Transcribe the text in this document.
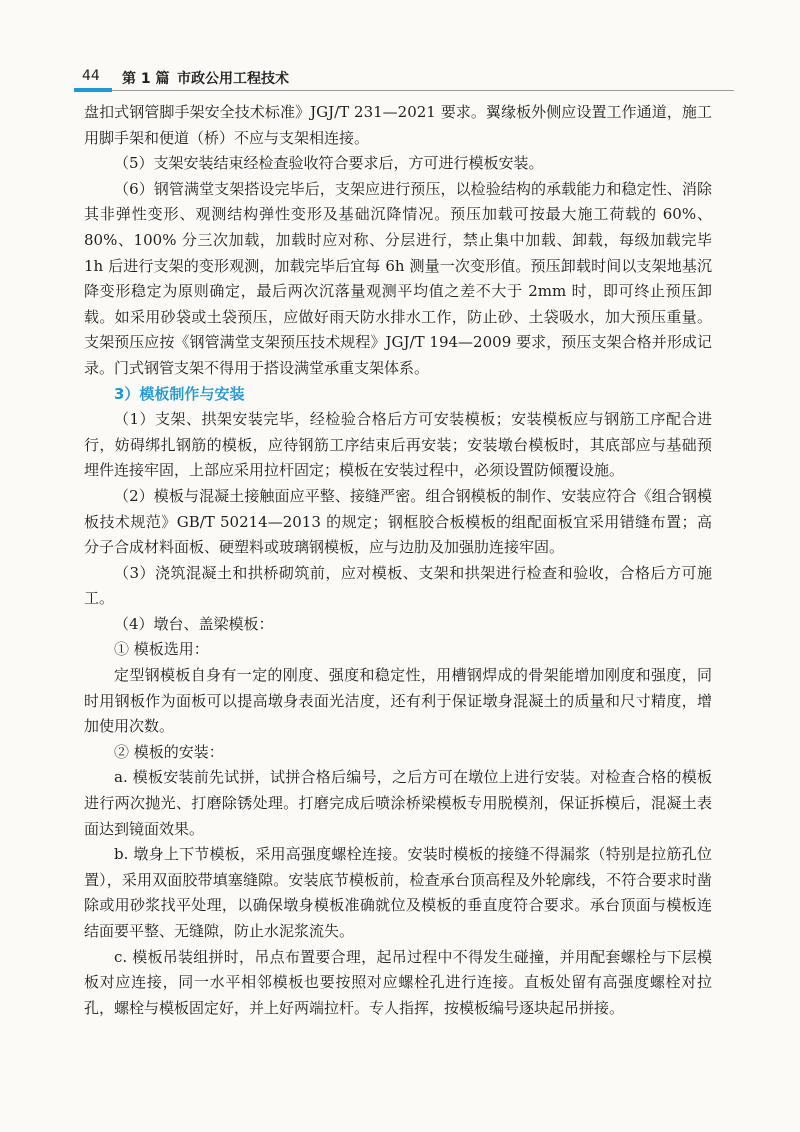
44 第 1 篇 市政公用工程技术

盘扣式钢管脚手架安全技术标准》JGJ/T 231—2021 要求。翼缘板外侧应设置工作通道，施工用脚手架和便道（桥）不应与支架相连接。

（5）支架安装结束经检查验收符合要求后，方可进行模板安装。

（6）钢管满堂支架搭设完毕后，支架应进行预压，以检验结构的承载能力和稳定性、消除其非弹性变形、观测结构弹性变形及基础沉降情况。预压加载可按最大施工荷载的 60%、80%、100% 分三次加载，加载时应对称、分层进行，禁止集中加载、卸载，每级加载完毕 1h 后进行支架的变形观测，加载完毕后宜每 6h 测量一次变形值。预压卸载时间以支架地基沉降变形稳定为原则确定，最后两次沉落量观测平均值之差不大于 2mm 时，即可终止预压卸载。如采用砂袋或土袋预压，应做好雨天防水排水工作，防止砂、土袋吸水，加大预压重量。支架预压应按《钢管满堂支架预压技术规程》JGJ/T 194—2009 要求，预压支架合格并形成记录。门式钢管支架不得用于搭设满堂承重支架体系。

3）模板制作与安装

（1）支架、拱架安装完毕，经检验合格后方可安装模板；安装模板应与钢筋工序配合进行，妨碍绑扎钢筋的模板，应待钢筋工序结束后再安装；安装墩台模板时，其底部应与基础预埋件连接牢固，上部应采用拉杆固定；模板在安装过程中，必须设置防倾覆设施。

（2）模板与混凝土接触面应平整、接缝严密。组合钢模板的制作、安装应符合《组合钢模板技术规范》GB/T 50214—2013 的规定；钢框胶合板模板的组配面板宜采用错缝布置；高分子合成材料面板、硬塑料或玻璃钢模板，应与边肋及加强肋连接牢固。

（3）浇筑混凝土和拱桥砌筑前，应对模板、支架和拱架进行检查和验收，合格后方可施工。

（4）墩台、盖梁模板：

① 模板选用：

定型钢模板自身有一定的刚度、强度和稳定性，用槽钢焊成的骨架能增加刚度和强度，同时用钢板作为面板可以提高墩身表面光洁度，还有利于保证墩身混凝土的质量和尺寸精度，增加使用次数。

② 模板的安装：

a. 模板安装前先试拼，试拼合格后编号，之后方可在墩位上进行安装。对检查合格的模板进行两次抛光、打磨除锈处理。打磨完成后喷涂桥梁模板专用脱模剂，保证拆模后，混凝土表面达到镜面效果。

b. 墩身上下节模板，采用高强度螺栓连接。安装时模板的接缝不得漏浆（特别是拉筋孔位置），采用双面胶带填塞缝隙。安装底节模板前，检查承台顶高程及外轮廓线，不符合要求时凿除或用砂浆找平处理，以确保墩身模板准确就位及模板的垂直度符合要求。承台顶面与模板连结面要平整、无缝隙，防止水泥浆流失。

c. 模板吊装组拼时，吊点布置要合理，起吊过程中不得发生碰撞，并用配套螺栓与下层模板对应连接，同一水平相邻模板也要按照对应螺栓孔进行连接。直板处留有高强度螺栓对拉孔，螺栓与模板固定好，并上好两端拉杆。专人指挥，按模板编号逐块起吊拼接。
